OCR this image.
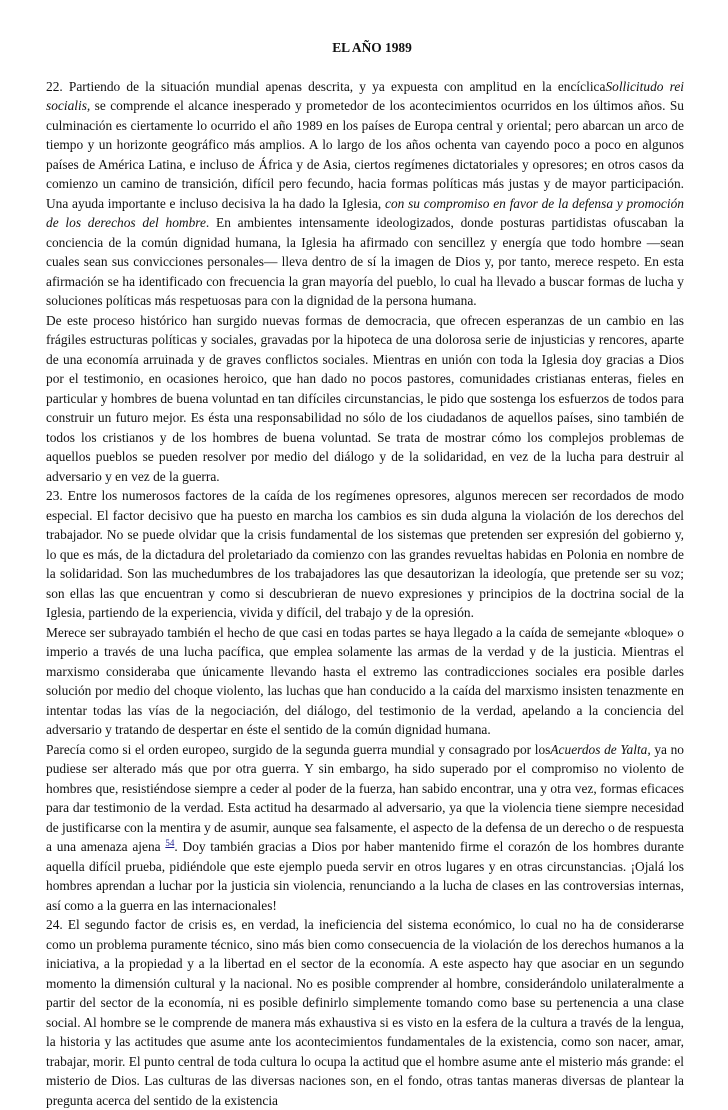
EL AÑO 1989

22. Partiendo de la situación mundial apenas descrita, y ya expuesta con amplitud en la encíclicaSollicitudo rei socialis, se comprende el alcance inesperado y prometedor de los acontecimientos ocurridos en los últimos años. Su culminación es ciertamente lo ocurrido el año 1989 en los países de Europa central y oriental; pero abarcan un arco de tiempo y un horizonte geográfico más amplios. A lo largo de los años ochenta van cayendo poco a poco en algunos países de América Latina, e incluso de África y de Asia, ciertos regímenes dictatoriales y opresores; en otros casos da comienzo un camino de transición, difícil pero fecundo, hacia formas políticas más justas y de mayor participación. Una ayuda importante e incluso decisiva la ha dado la Iglesia, con su compromiso en favor de la defensa y promoción de los derechos del hombre. En ambientes intensamente ideologizados, donde posturas partidistas ofuscaban la conciencia de la común dignidad humana, la Iglesia ha afirmado con sencillez y energía que todo hombre —sean cuales sean sus convicciones personales— lleva dentro de sí la imagen de Dios y, por tanto, merece respeto. En esta afirmación se ha identificado con frecuencia la gran mayoría del pueblo, lo cual ha llevado a buscar formas de lucha y soluciones políticas más respetuosas para con la dignidad de la persona humana.

De este proceso histórico han surgido nuevas formas de democracia, que ofrecen esperanzas de un cambio en las frágiles estructuras políticas y sociales, gravadas por la hipoteca de una dolorosa serie de injusticias y rencores, aparte de una economía arruinada y de graves conflictos sociales. Mientras en unión con toda la Iglesia doy gracias a Dios por el testimonio, en ocasiones heroico, que han dado no pocos pastores, comunidades cristianas enteras, fieles en particular y hombres de buena voluntad en tan difíciles circunstancias, le pido que sostenga los esfuerzos de todos para construir un futuro mejor. Es ésta una responsabilidad no sólo de los ciudadanos de aquellos países, sino también de todos los cristianos y de los hombres de buena voluntad. Se trata de mostrar cómo los complejos problemas de aquellos pueblos se pueden resolver por medio del diálogo y de la solidaridad, en vez de la lucha para destruir al adversario y en vez de la guerra.

23. Entre los numerosos factores de la caída de los regímenes opresores, algunos merecen ser recordados de modo especial. El factor decisivo que ha puesto en marcha los cambios es sin duda alguna la violación de los derechos del trabajador. No se puede olvidar que la crisis fundamental de los sistemas que pretenden ser expresión del gobierno y, lo que es más, de la dictadura del proletariado da comienzo con las grandes revueltas habidas en Polonia en nombre de la solidaridad. Son las muchedumbres de los trabajadores las que desautorizan la ideología, que pretende ser su voz; son ellas las que encuentran y como si descubrieran de nuevo expresiones y principios de la doctrina social de la Iglesia, partiendo de la experiencia, vivida y difícil, del trabajo y de la opresión.

Merece ser subrayado también el hecho de que casi en todas partes se haya llegado a la caída de semejante «bloque» o imperio a través de una lucha pacífica, que emplea solamente las armas de la verdad y de la justicia. Mientras el marxismo consideraba que únicamente llevando hasta el extremo las contradicciones sociales era posible darles solución por medio del choque violento, las luchas que han conducido a la caída del marxismo insisten tenazmente en intentar todas las vías de la negociación, del diálogo, del testimonio de la verdad, apelando a la conciencia del adversario y tratando de despertar en éste el sentido de la común dignidad humana.

Parecía como si el orden europeo, surgido de la segunda guerra mundial y consagrado por losAcuerdos de Yalta, ya no pudiese ser alterado más que por otra guerra. Y sin embargo, ha sido superado por el compromiso no violento de hombres que, resistiéndose siempre a ceder al poder de la fuerza, han sabido encontrar, una y otra vez, formas eficaces para dar testimonio de la verdad. Esta actitud ha desarmado al adversario, ya que la violencia tiene siempre necesidad de justificarse con la mentira y de asumir, aunque sea falsamente, el aspecto de la defensa de un derecho o de respuesta a una amenaza ajena $^{54}$. Doy también gracias a Dios por haber mantenido firme el corazón de los hombres durante aquella difícil prueba, pidiéndole que este ejemplo pueda servir en otros lugares y en otras circunstancias. ¡Ojalá los hombres aprendan a luchar por la justicia sin violencia, renunciando a la lucha de clases en las controversias internas, así como a la guerra en las internacionales!

24. El segundo factor de crisis es, en verdad, la ineficiencia del sistema económico, lo cual no ha de considerarse como un problema puramente técnico, sino más bien como consecuencia de la violación de los derechos humanos a la iniciativa, a la propiedad y a la libertad en el sector de la economía. A este aspecto hay que asociar en un segundo momento la dimensión cultural y la nacional. No es posible comprender al hombre, considerándolo unilateralmente a partir del sector de la economía, ni es posible definirlo simplemente tomando como base su pertenencia a una clase social. Al hombre se le comprende de manera más exhaustiva si es visto en la esfera de la cultura a través de la lengua, la historia y las actitudes que asume ante los acontecimientos fundamentales de la existencia, como son nacer, amar, trabajar, morir. El punto central de toda cultura lo ocupa la actitud que el hombre asume ante el misterio más grande: el misterio de Dios. Las culturas de las diversas naciones son, en el fondo, otras tantas maneras diversas de plantear la pregunta acerca del sentido de la existencia
